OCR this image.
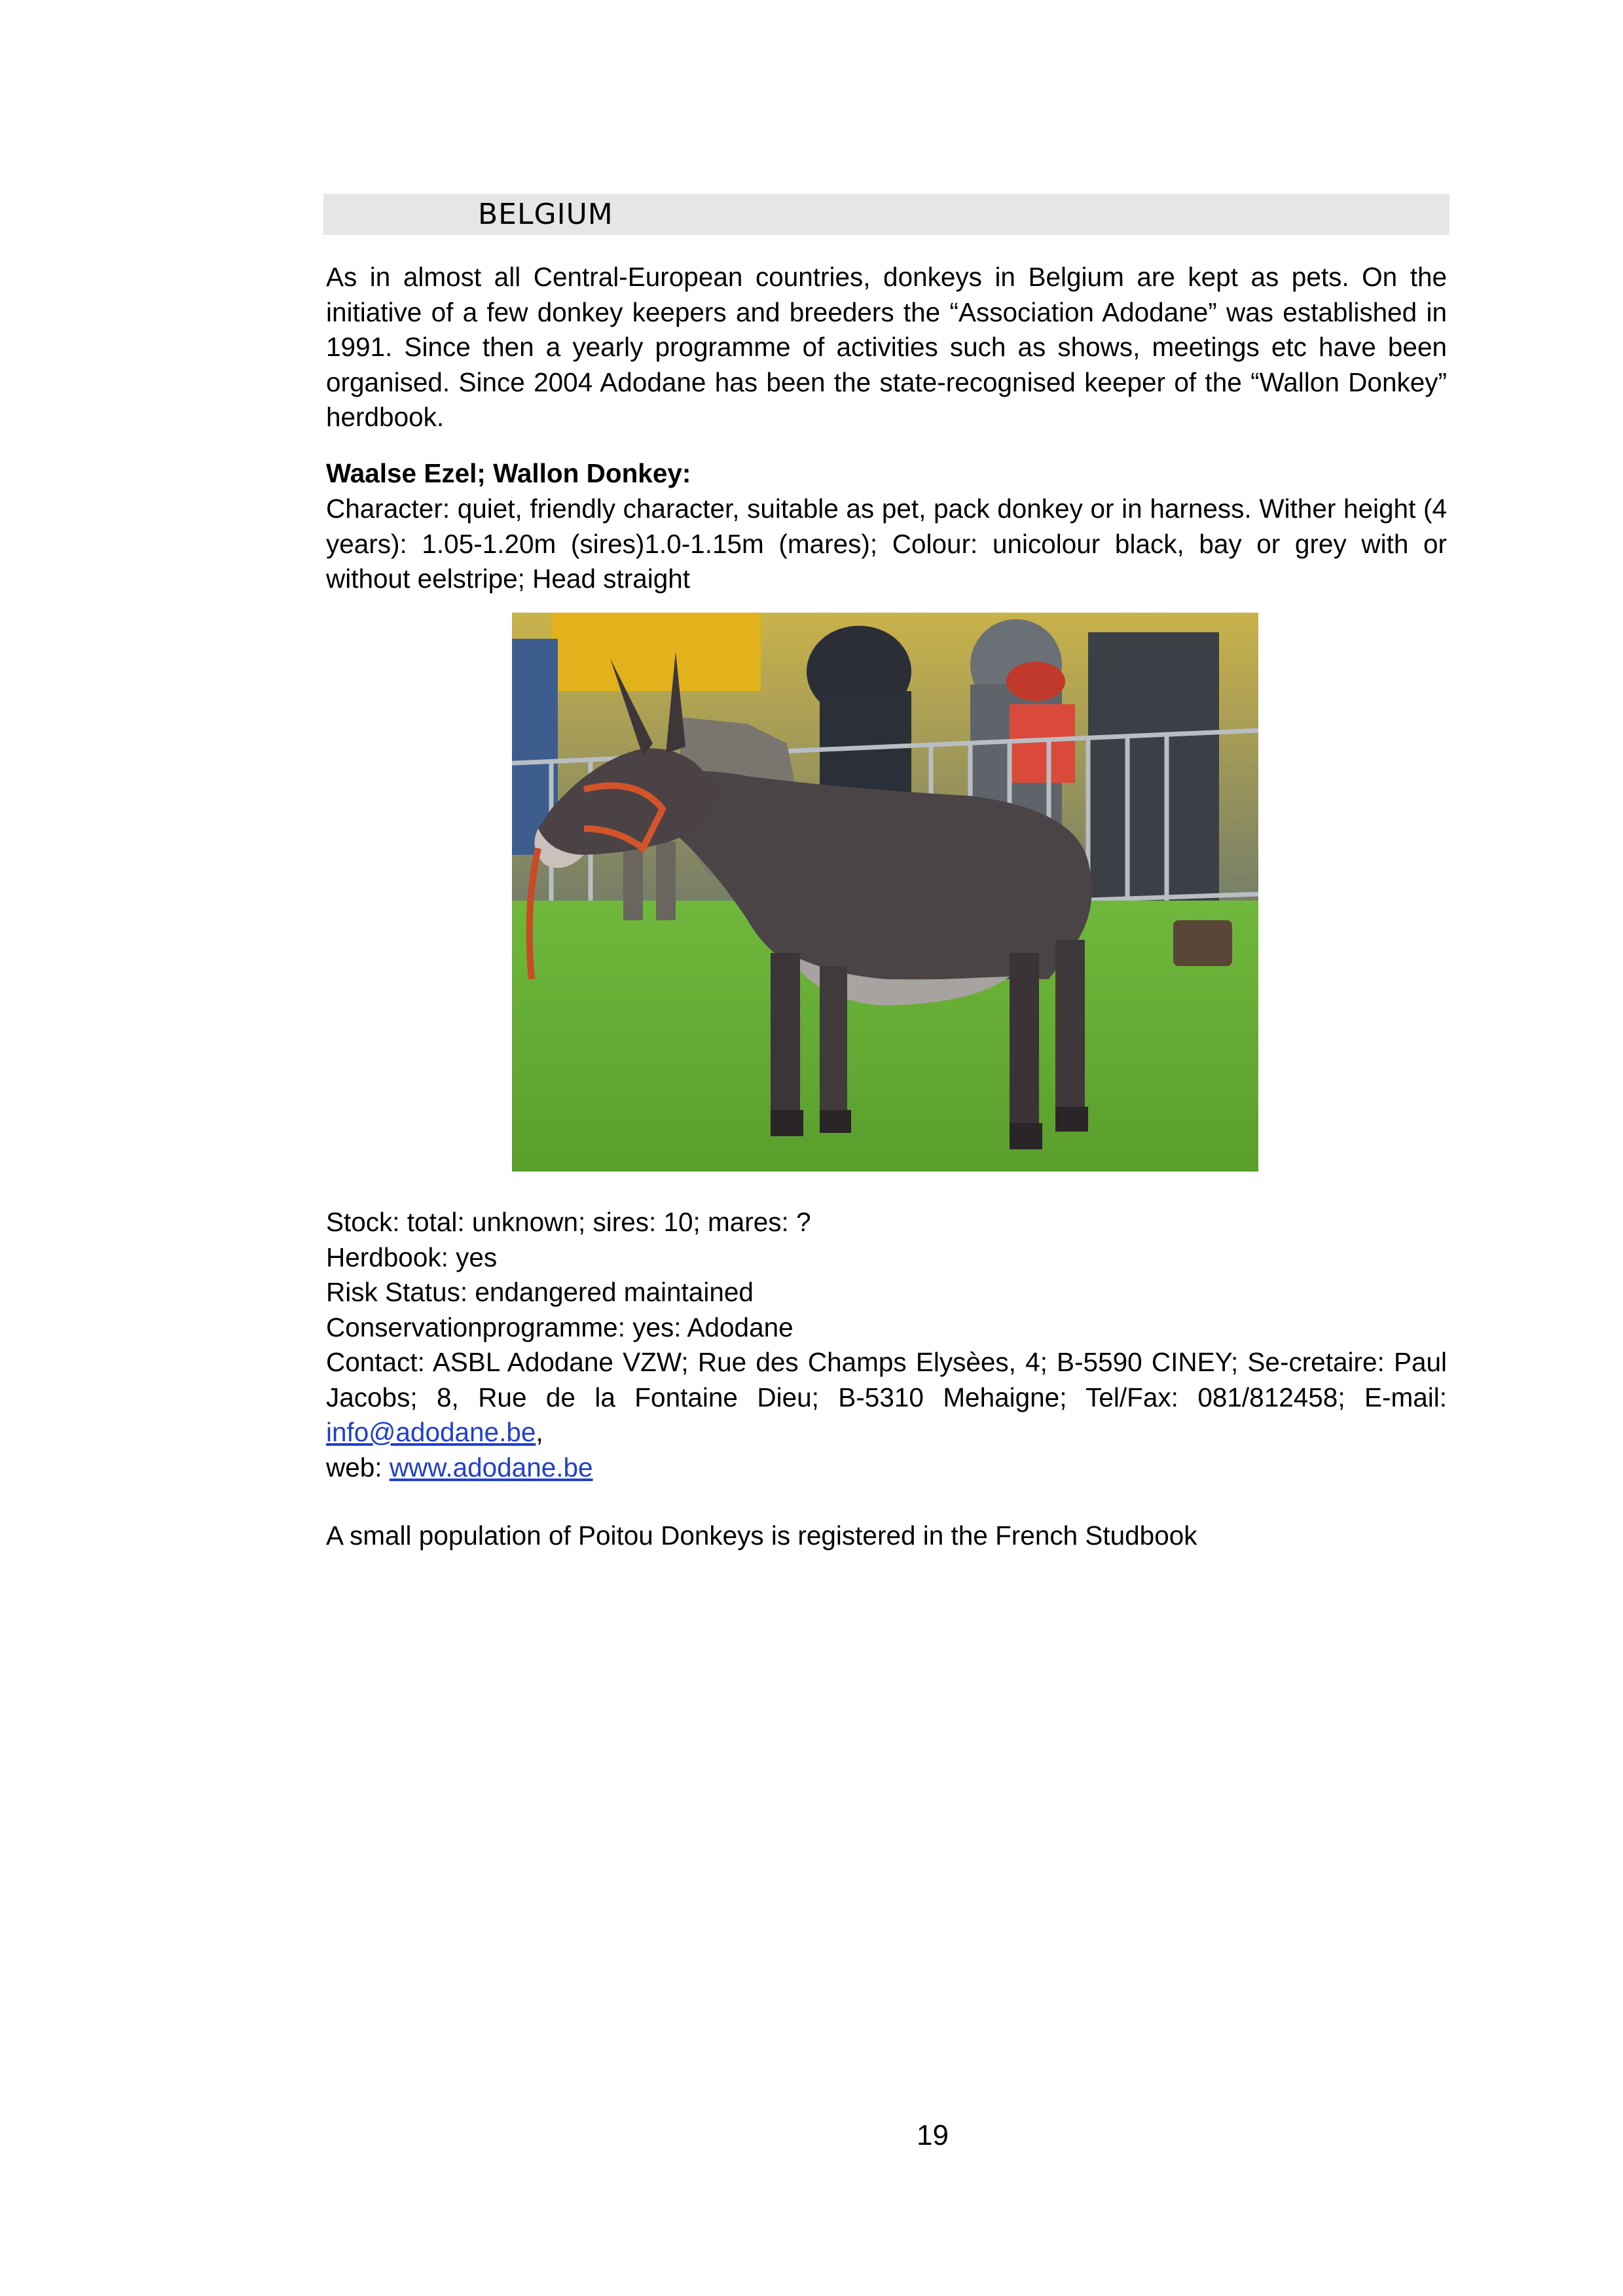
BELGIUM

As in almost all Central-European countries, donkeys in Belgium are kept as pets. On the initiative of a few donkey keepers and breeders the “Association Adodane” was established in 1991. Since then a yearly programme of activities such as shows, meetings etc have been organised. Since 2004 Adodane has been the state-recognised keeper of the “Wallon Donkey” herdbook.

Waalse Ezel; Wallon Donkey:

Character: quiet, friendly character, suitable as pet, pack donkey or in harness. Wither height (4 years): 1.05-1.20m (sires)1.0-1.15m (mares); Colour: unicolour black, bay or grey with or without eelstripe; Head straight

Stock: total: unknown; sires: 10; mares: ?

Herdbook: yes

Risk Status: endangered maintained

Conservationprogramme: yes: Adodane

Contact: ASBL Adodane VZW; Rue des Champs Elysèes, 4; B-5590 CINEY; Se-cretaire: Paul Jacobs; 8, Rue de la Fontaine Dieu; B-5310 Mehaigne; Tel/Fax: 081/812458; E-mail: info@adodane.be,

web: www.adodane.be

A small population of Poitou Donkeys is registered in the French Studbook

19
